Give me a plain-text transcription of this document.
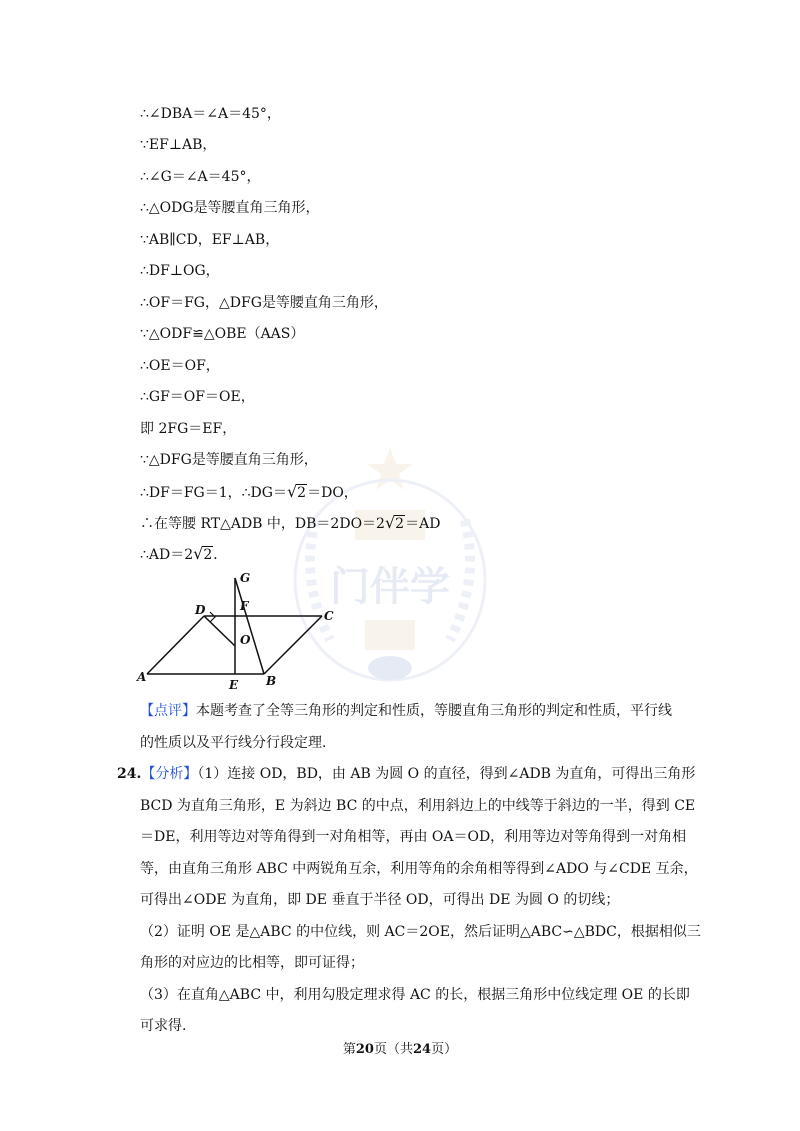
门伴学
∴∠DBA＝∠A＝45°，
∵EF⊥AB，
∴∠G＝∠A＝45°，
∴△ODG是等腰直角三角形，
∵AB∥CD，EF⊥AB，
∴DF⊥OG，
∴OF＝FG，△DFG是等腰直角三角形，
∵△ODF≌△OBE（AAS）
∴OE＝OF，
∴GF＝OF＝OE，
即 2FG＝EF，
∵△DFG是等腰直角三角形，
∴DF＝FG＝1，∴DG＝√2＝DO，
∴在等腰 RT△ADB 中，DB＝2DO＝2√2＝AD
∴AD＝2√2．
G
D	F
C
O
A
E B
【点评】本题考查了全等三角形的判定和性质，等腰直角三角形的判定和性质，平行线
的性质以及平行线分行段定理.
24.【分析】（1）连接 OD，BD，由 AB 为圆 O 的直径，得到∠ADB 为直角，可得出三角形
BCD 为直角三角形，E 为斜边 BC 的中点，利用斜边上的中线等于斜边的一半，得到 CE
＝DE，利用等边对等角得到一对角相等，再由 OA＝OD，利用等边对等角得到一对角相
等，由直角三角形 ABC 中两锐角互余，利用等角的余角相等得到∠ADO 与∠CDE 互余，
可得出∠ODE 为直角，即 DE 垂直于半径 OD，可得出 DE 为圆 O 的切线；
（2）证明 OE 是△ABC 的中位线，则 AC＝2OE，然后证明△ABC∽△BDC，根据相似三
角形的对应边的比相等，即可证得；
（3）在直角△ABC 中，利用勾股定理求得 AC 的长，根据三角形中位线定理 OE 的长即
可求得.
第20页（共24页）
